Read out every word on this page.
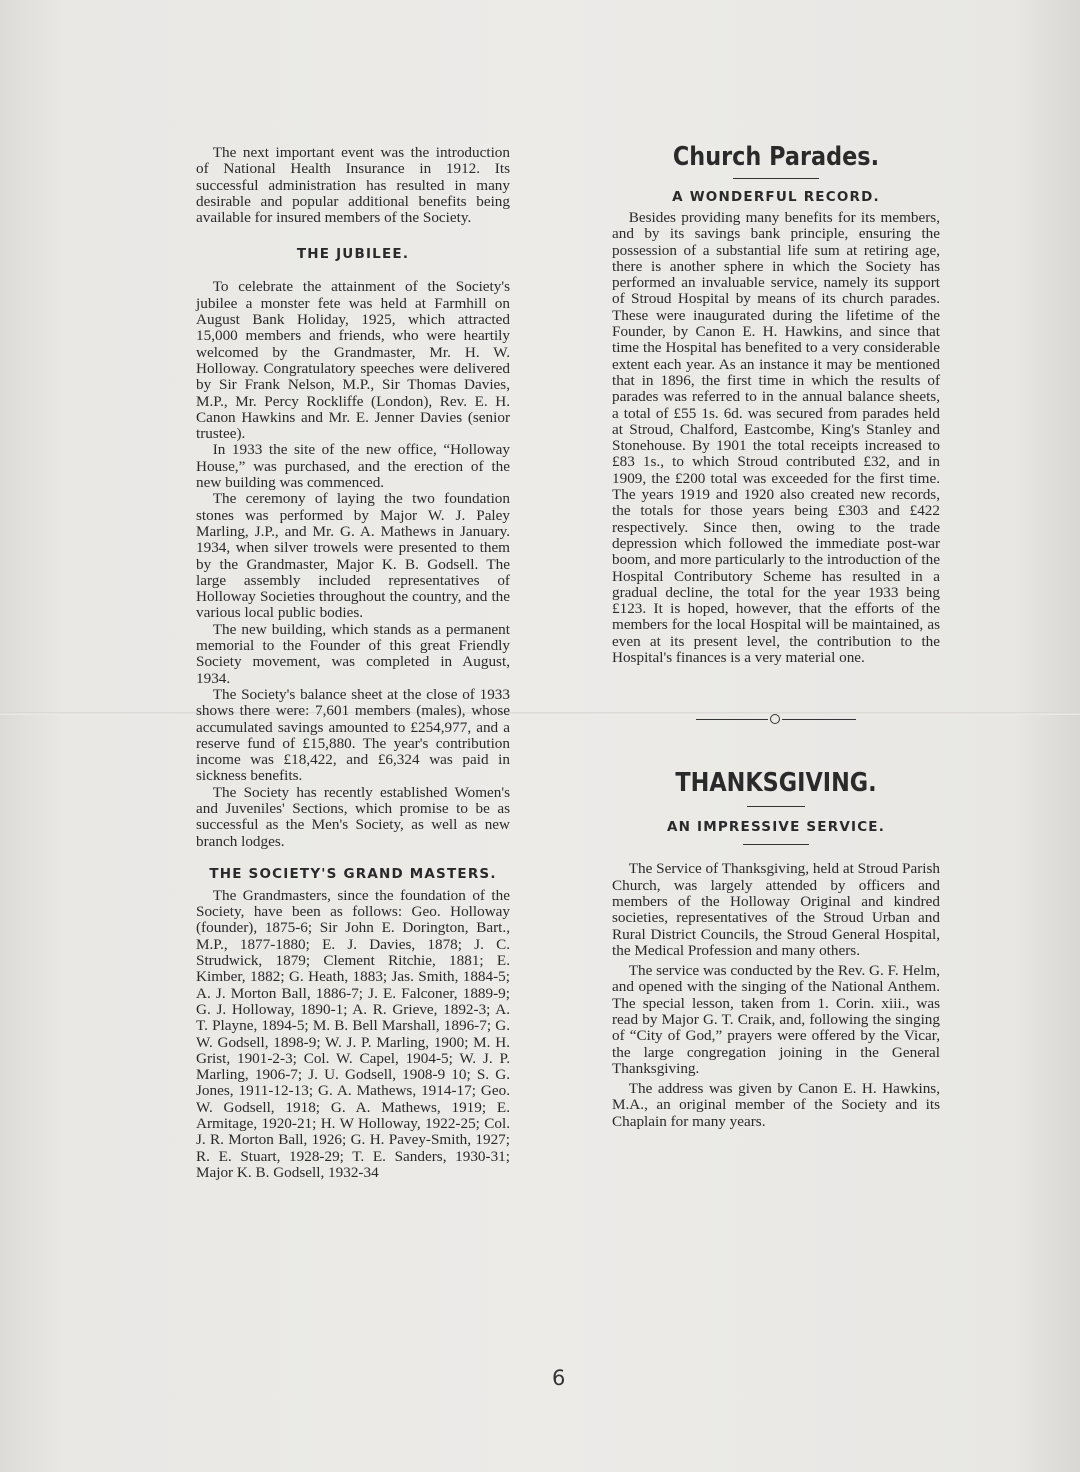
The next important event was the introduction of National Health Insurance in 1912. Its successful administration has resulted in many desirable and popular additional benefits being available for insured members of the Society.

THE JUBILEE.

To celebrate the attainment of the Society's jubilee a monster fete was held at Farmhill on August Bank Holiday, 1925, which attracted 15,000 members and friends, who were heartily welcomed by the Grandmaster, Mr. H. W. Holloway. Congratulatory speeches were delivered by Sir Frank Nelson, M.P., Sir Thomas Davies, M.P., Mr. Percy Rockliffe (London), Rev. E. H. Canon Hawkins and Mr. E. Jenner Davies (senior trustee).

In 1933 the site of the new office, “Holloway House,” was purchased, and the erection of the new building was commenced.

The ceremony of laying the two foundation stones was performed by Major W. J. Paley Marling, J.P., and Mr. G. A. Mathews in January. 1934, when silver trowels were presented to them by the Grandmaster, Major K. B. Godsell. The large assembly included representatives of Holloway Societies throughout the country, and the various local public bodies.

The new building, which stands as a permanent memorial to the Founder of this great Friendly Society movement, was completed in August, 1934.

The Society's balance sheet at the close of 1933 shows there were: 7,601 members (males), whose accumulated savings amounted to £254,977, and a reserve fund of £15,880. The year's contribution income was £18,422, and £6,324 was paid in sickness benefits.

The Society has recently established Women's and Juveniles' Sections, which promise to be as successful as the Men's Society, as well as new branch lodges.

THE SOCIETY'S GRAND MASTERS.

The Grandmasters, since the foundation of the Society, have been as follows: Geo. Holloway (founder), 1875-6; Sir John E. Dorington, Bart., M.P., 1877-1880; E. J. Davies, 1878; J. C. Strudwick, 1879; Clement Ritchie, 1881; E. Kimber, 1882; G. Heath, 1883; Jas. Smith, 1884-5; A. J. Morton Ball, 1886-7; J. E. Falconer, 1889-9; G. J. Holloway, 1890-1; A. R. Grieve, 1892-3; A. T. Playne, 1894-5; M. B. Bell Marshall, 1896-7; G. W. Godsell, 1898-9; W. J. P. Marling, 1900; M. H. Grist, 1901-2-3; Col. W. Capel, 1904-5; W. J. P. Marling, 1906-7; J. U. Godsell, 1908-9 10; S. G. Jones, 1911-12-13; G. A. Mathews, 1914-17; Geo. W. Godsell, 1918; G. A. Mathews, 1919; E. Armitage, 1920-21; H. W Holloway, 1922-25; Col. J. R. Morton Ball, 1926; G. H. Pavey-Smith, 1927; R. E. Stuart, 1928-29; T. E. Sanders, 1930-31; Major K. B. Godsell, 1932-34

Church Parades.
A WONDERFUL RECORD.

Besides providing many benefits for its members, and by its savings bank principle, ensuring the possession of a substantial life sum at retiring age, there is another sphere in which the Society has performed an invaluable service, namely its support of Stroud Hospital by means of its church parades. These were inaugurated during the lifetime of the Founder, by Canon E. H. Hawkins, and since that time the Hospital has benefited to a very considerable extent each year. As an instance it may be mentioned that in 1896, the first time in which the results of parades was referred to in the annual balance sheets, a total of £55 1s. 6d. was secured from parades held at Stroud, Chalford, Eastcombe, King's Stanley and Stonehouse. By 1901 the total receipts increased to £83 1s., to which Stroud contributed £32, and in 1909, the £200 total was exceeded for the first time. The years 1919 and 1920 also created new records, the totals for those years being £303 and £422 respectively. Since then, owing to the trade depression which followed the immediate post-war boom, and more particularly to the introduction of the Hospital Contributory Scheme has resulted in a gradual decline, the total for the year 1933 being £123. It is hoped, however, that the efforts of the members for the local Hospital will be maintained, as even at its present level, the contribution to the Hospital's finances is a very material one.

THANKSGIVING.
AN IMPRESSIVE SERVICE.

The Service of Thanksgiving, held at Stroud Parish Church, was largely attended by officers and members of the Holloway Original and kindred societies, representatives of the Stroud Urban and Rural District Councils, the Stroud General Hospital, the Medical Profession and many others.

The service was conducted by the Rev. G. F. Helm, and opened with the singing of the National Anthem. The special lesson, taken from 1. Corin. xiii., was read by Major G. T. Craik, and, following the singing of “City of God,” prayers were offered by the Vicar, the large congregation joining in the General Thanksgiving.

The address was given by Canon E. H. Hawkins, M.A., an original member of the Society and its Chaplain for many years.

6
